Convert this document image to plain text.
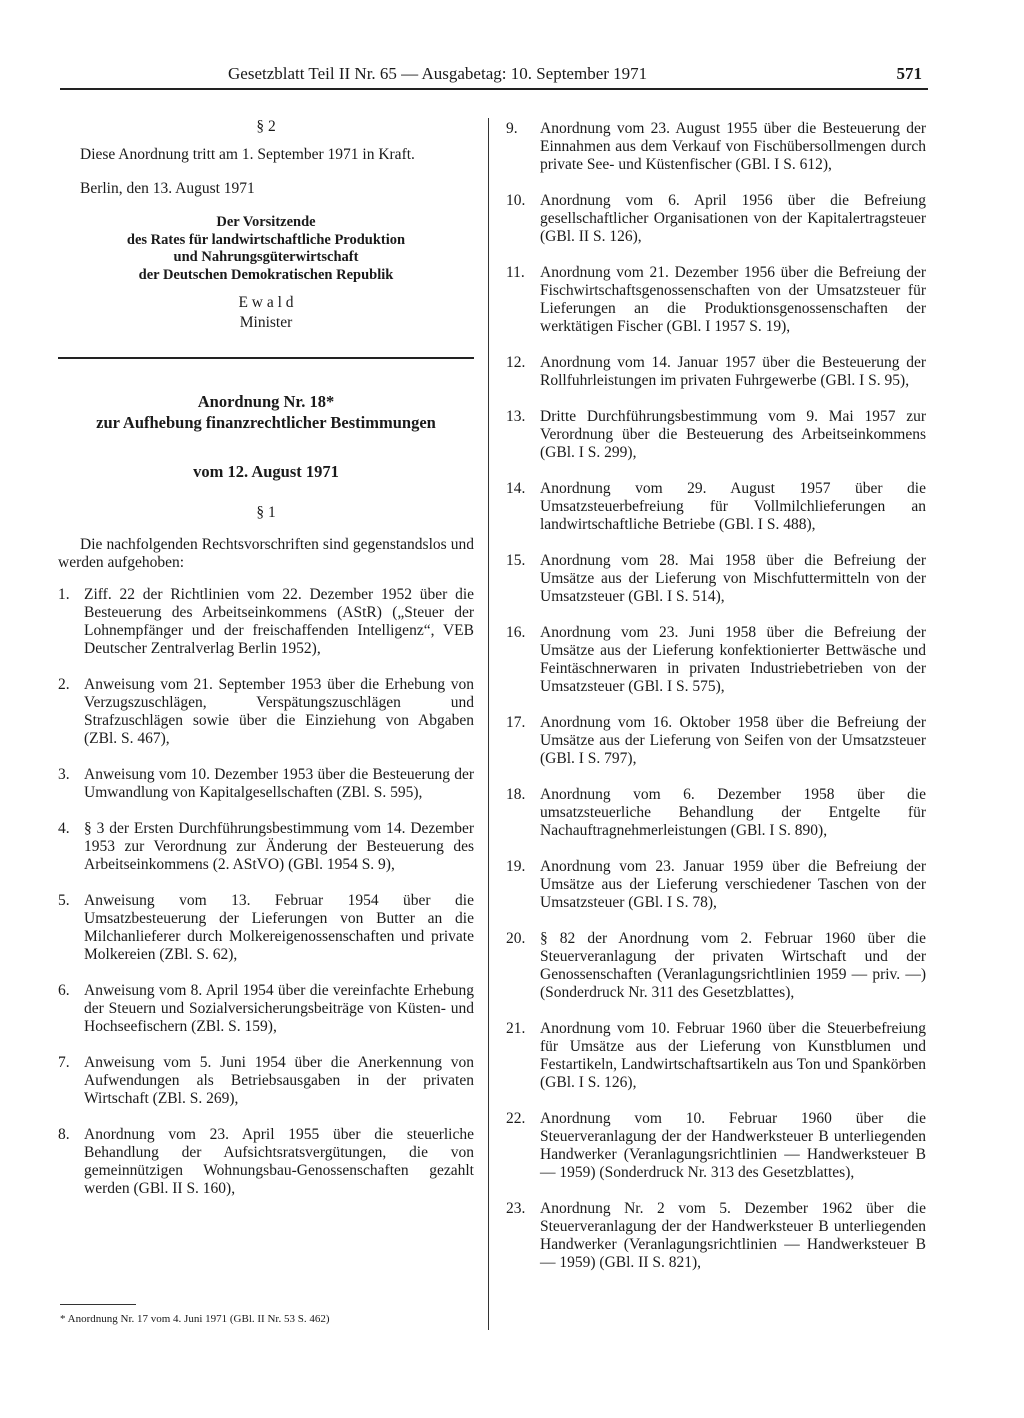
Gesetzblatt Teil II Nr. 65 — Ausgabetag: 10. September 1971	571
§ 2

Diese Anordnung tritt am 1. September 1971 in Kraft.

Berlin, den 13. August 1971

Der Vorsitzende
des Rates für landwirtschaftliche Produktion
und Nahrungsgüterwirtschaft
der Deutschen Demokratischen Republik
E w a l d
Minister
Anordnung Nr. 18*
zur Aufhebung finanzrechtlicher Bestimmungen
vom 12. August 1971
§ 1

Die nachfolgenden Rechtsvorschriften sind gegenstandslos und werden aufgehoben:

1. Ziff. 22 der Richtlinien vom 22. Dezember 1952 über die Besteuerung des Arbeitseinkommens (AStR) („Steuer der Lohnempfänger und der freischaffenden Intelligenz“, VEB Deutscher Zentralverlag Berlin 1952),

2. Anweisung vom 21. September 1953 über die Erhebung von Verzugszuschlägen, Verspätungszuschlägen und Strafzuschlägen sowie über die Einziehung von Abgaben (ZBl. S. 467),

3. Anweisung vom 10. Dezember 1953 über die Besteuerung der Umwandlung von Kapitalgesellschaften (ZBl. S. 595),

4. § 3 der Ersten Durchführungsbestimmung vom 14. Dezember 1953 zur Verordnung zur Änderung der Besteuerung des Arbeitseinkommens (2. AStVO) (GBl. 1954 S. 9),

5. Anweisung vom 13. Februar 1954 über die Umsatzbesteuerung der Lieferungen von Butter an die Milchanlieferer durch Molkereigenossenschaften und private Molkereien (ZBl. S. 62),

6. Anweisung vom 8. April 1954 über die vereinfachte Erhebung der Steuern und Sozialversicherungsbeiträge von Küsten- und Hochseefischern (ZBl. S. 159),

7. Anweisung vom 5. Juni 1954 über die Anerkennung von Aufwendungen als Betriebsausgaben in der privaten Wirtschaft (ZBl. S. 269),

8. Anordnung vom 23. April 1955 über die steuerliche Behandlung der Aufsichtsratsvergütungen, die von gemeinnützigen Wohnungsbau-Genossenschaften gezahlt werden (GBl. II S. 160),

* Anordnung Nr. 17 vom 4. Juni 1971 (GBl. II Nr. 53 S. 462)

9. Anordnung vom 23. August 1955 über die Besteuerung der Einnahmen aus dem Verkauf von Fischübersollmengen durch private See- und Küstenfischer (GBl. I S. 612),

10. Anordnung vom 6. April 1956 über die Befreiung gesellschaftlicher Organisationen von der Kapitalertragsteuer (GBl. II S. 126),

11. Anordnung vom 21. Dezember 1956 über die Befreiung der Fischwirtschaftsgenossenschaften von der Umsatzsteuer für Lieferungen an die Produktionsgenossenschaften der werktätigen Fischer (GBl. I 1957 S. 19),

12. Anordnung vom 14. Januar 1957 über die Besteuerung der Rollfuhrleistungen im privaten Fuhrgewerbe (GBl. I S. 95),

13. Dritte Durchführungsbestimmung vom 9. Mai 1957 zur Verordnung über die Besteuerung des Arbeitseinkommens (GBl. I S. 299),

14. Anordnung vom 29. August 1957 über die Umsatzsteuerbefreiung für Vollmilchlieferungen an landwirtschaftliche Betriebe (GBl. I S. 488),

15. Anordnung vom 28. Mai 1958 über die Befreiung der Umsätze aus der Lieferung von Mischfuttermitteln von der Umsatzsteuer (GBl. I S. 514),

16. Anordnung vom 23. Juni 1958 über die Befreiung der Umsätze aus der Lieferung konfektionierter Bettwäsche und Feintäschnerwaren in privaten Industriebetrieben von der Umsatzsteuer (GBl. I S. 575),

17. Anordnung vom 16. Oktober 1958 über die Befreiung der Umsätze aus der Lieferung von Seifen von der Umsatzsteuer (GBl. I S. 797),

18. Anordnung vom 6. Dezember 1958 über die umsatzsteuerliche Behandlung der Entgelte für Nachauftragnehmerleistungen (GBl. I S. 890),

19. Anordnung vom 23. Januar 1959 über die Befreiung der Umsätze aus der Lieferung verschiedener Taschen von der Umsatzsteuer (GBl. I S. 78),

20. § 82 der Anordnung vom 2. Februar 1960 über die Steuerveranlagung der privaten Wirtschaft und der Genossenschaften (Veranlagungsrichtlinien 1959 — priv. —) (Sonderdruck Nr. 311 des Gesetzblattes),

21. Anordnung vom 10. Februar 1960 über die Steuerbefreiung für Umsätze aus der Lieferung von Kunstblumen und Festartikeln, Landwirtschaftsartikeln aus Ton und Spankörben (GBl. I S. 126),

22. Anordnung vom 10. Februar 1960 über die Steuerveranlagung der der Handwerksteuer B unterliegenden Handwerker (Veranlagungsrichtlinien — Handwerksteuer B — 1959) (Sonderdruck Nr. 313 des Gesetzblattes),

23. Anordnung Nr. 2 vom 5. Dezember 1962 über die Steuerveranlagung der der Handwerksteuer B unterliegenden Handwerker (Veranlagungsrichtlinien — Handwerksteuer B — 1959) (GBl. II S. 821),
